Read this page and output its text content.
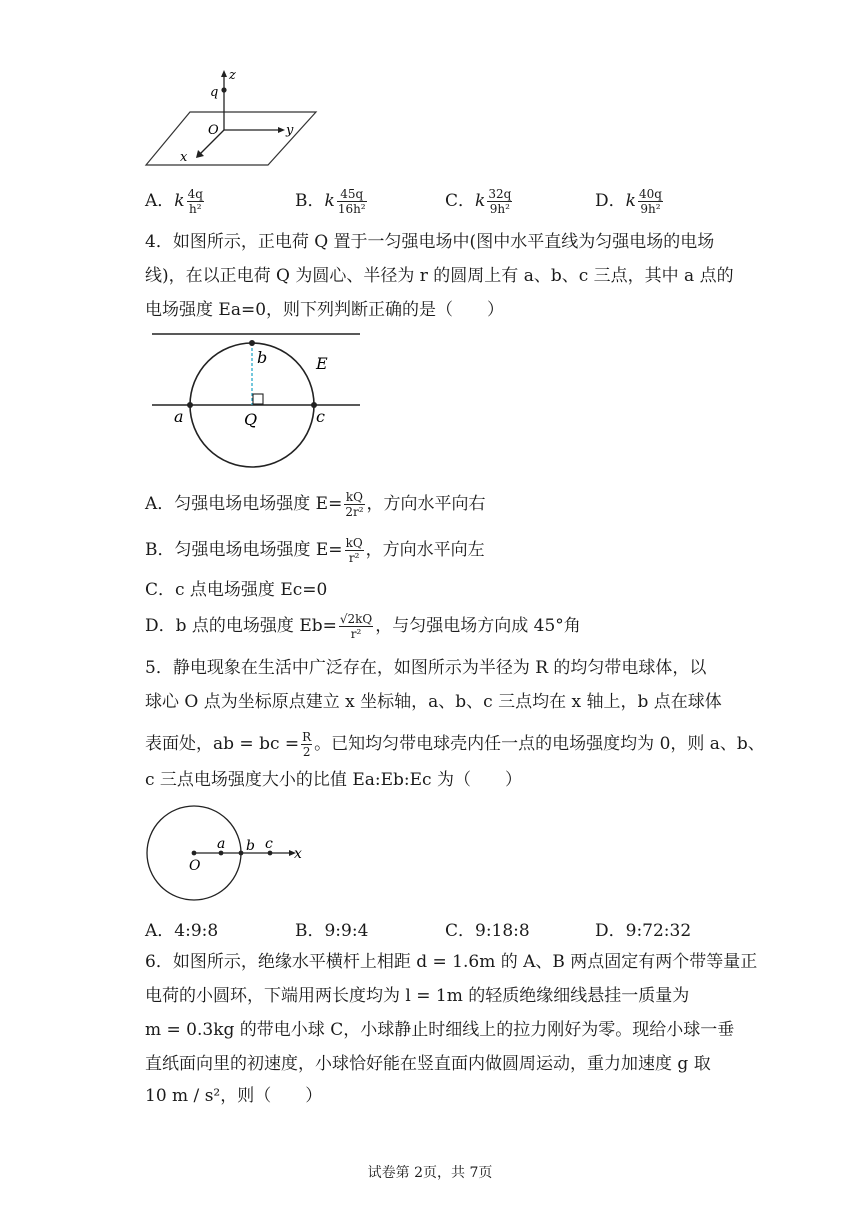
z
q
O	y
x
A．k $\frac{4q}{\text{h²}}$	B．k $\frac{45q}{\text{16h²}}$	C．k $\frac{32q}{\text{9h²}}$	D．k $\frac{40q}{\text{9h²}}$
4．如图所示，正电荷 Q 置于一匀强电场中(图中水平直线为匀强电场的电场
线)，在以正电荷 Q 为圆心、半径为 r 的圆周上有 a、b、c 三点，其中 a 点的
电场强度 Ea=0，则下列判断正确的是（　　）
b	E
a	Q	c
A．匀强电场电场强度 $E= \frac{kQ}{\text{2r²}}$ ，方向水平向右
B．匀强电场电场强度 $E= \frac{kQ}{\text{r²}}$ ，方向水平向左
C．c 点电场强度 Ec=0
D．b 点的电场强度 $Eb= \frac{√2kQ}{\text{r²}}$ ，与匀强电场方向成 45°角
5．静电现象在生活中广泛存在，如图所示为半径为 R 的均匀带电球体，以
球心 O 点为坐标原点建立 x 坐标轴，a、b、c 三点均在 x 轴上，b 点在球体
表面处，ab = bc = $\frac{R}{2}$ 。已知均匀带电球壳内任一点的电场强度均为 0，则 a、b、
c 三点电场强度大小的比值 Ea:Eb:Ec 为（　　）
O
a b c
x
A．4:9:8	B．9:9:4	C．9:18:8	D．9:72:32
6．如图所示，绝缘水平横杆上相距 d = 1.6m 的 A、B 两点固定有两个带等量正
电荷的小圆环，下端用两长度均为 l = 1m 的轻质绝缘细线悬挂一质量为
m = 0.3kg 的带电小球 C，小球静止时细线上的拉力刚好为零。现给小球一垂
直纸面向里的初速度，小球恰好能在竖直面内做圆周运动，重力加速度 g 取
10 m / s²，则（　　）
试卷第 2页，共 7页
